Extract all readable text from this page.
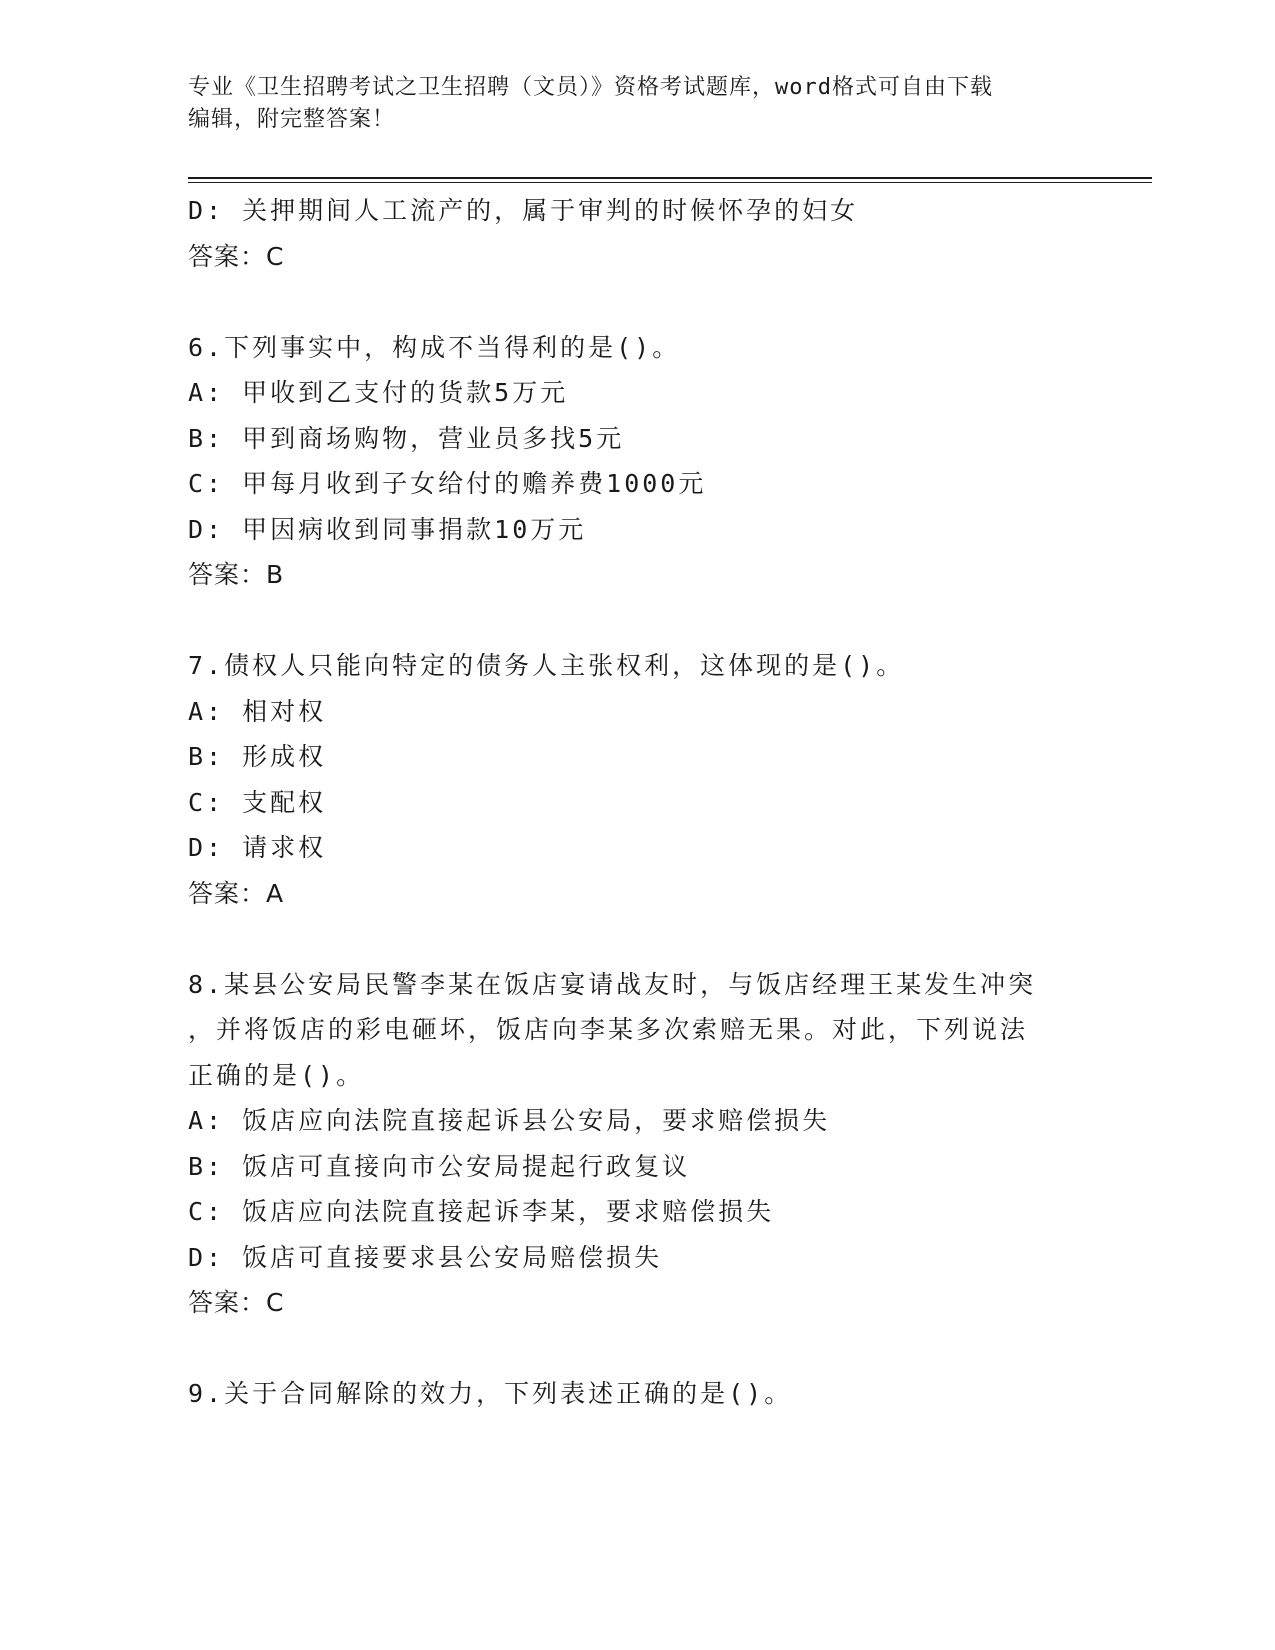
专业《卫生招聘考试之卫生招聘（文员）》资格考试题库，word格式可自由下载
编辑，附完整答案！
D: 关押期间人工流产的，属于审判的时候怀孕的妇女
答案：C
6.下列事实中，构成不当得利的是()。
A: 甲收到乙支付的货款5万元
B: 甲到商场购物，营业员多找5元
C: 甲每月收到子女给付的赡养费1000元
D: 甲因病收到同事捐款10万元
答案：B
7.债权人只能向特定的债务人主张权利，这体现的是()。
A: 相对权
B: 形成权
C: 支配权
D: 请求权
答案：A
8.某县公安局民警李某在饭店宴请战友时，与饭店经理王某发生冲突
，并将饭店的彩电砸坏，饭店向李某多次索赔无果。对此，下列说法
正确的是()。
A: 饭店应向法院直接起诉县公安局，要求赔偿损失
B: 饭店可直接向市公安局提起行政复议
C: 饭店应向法院直接起诉李某，要求赔偿损失
D: 饭店可直接要求县公安局赔偿损失
答案：C
9.关于合同解除的效力，下列表述正确的是()。
